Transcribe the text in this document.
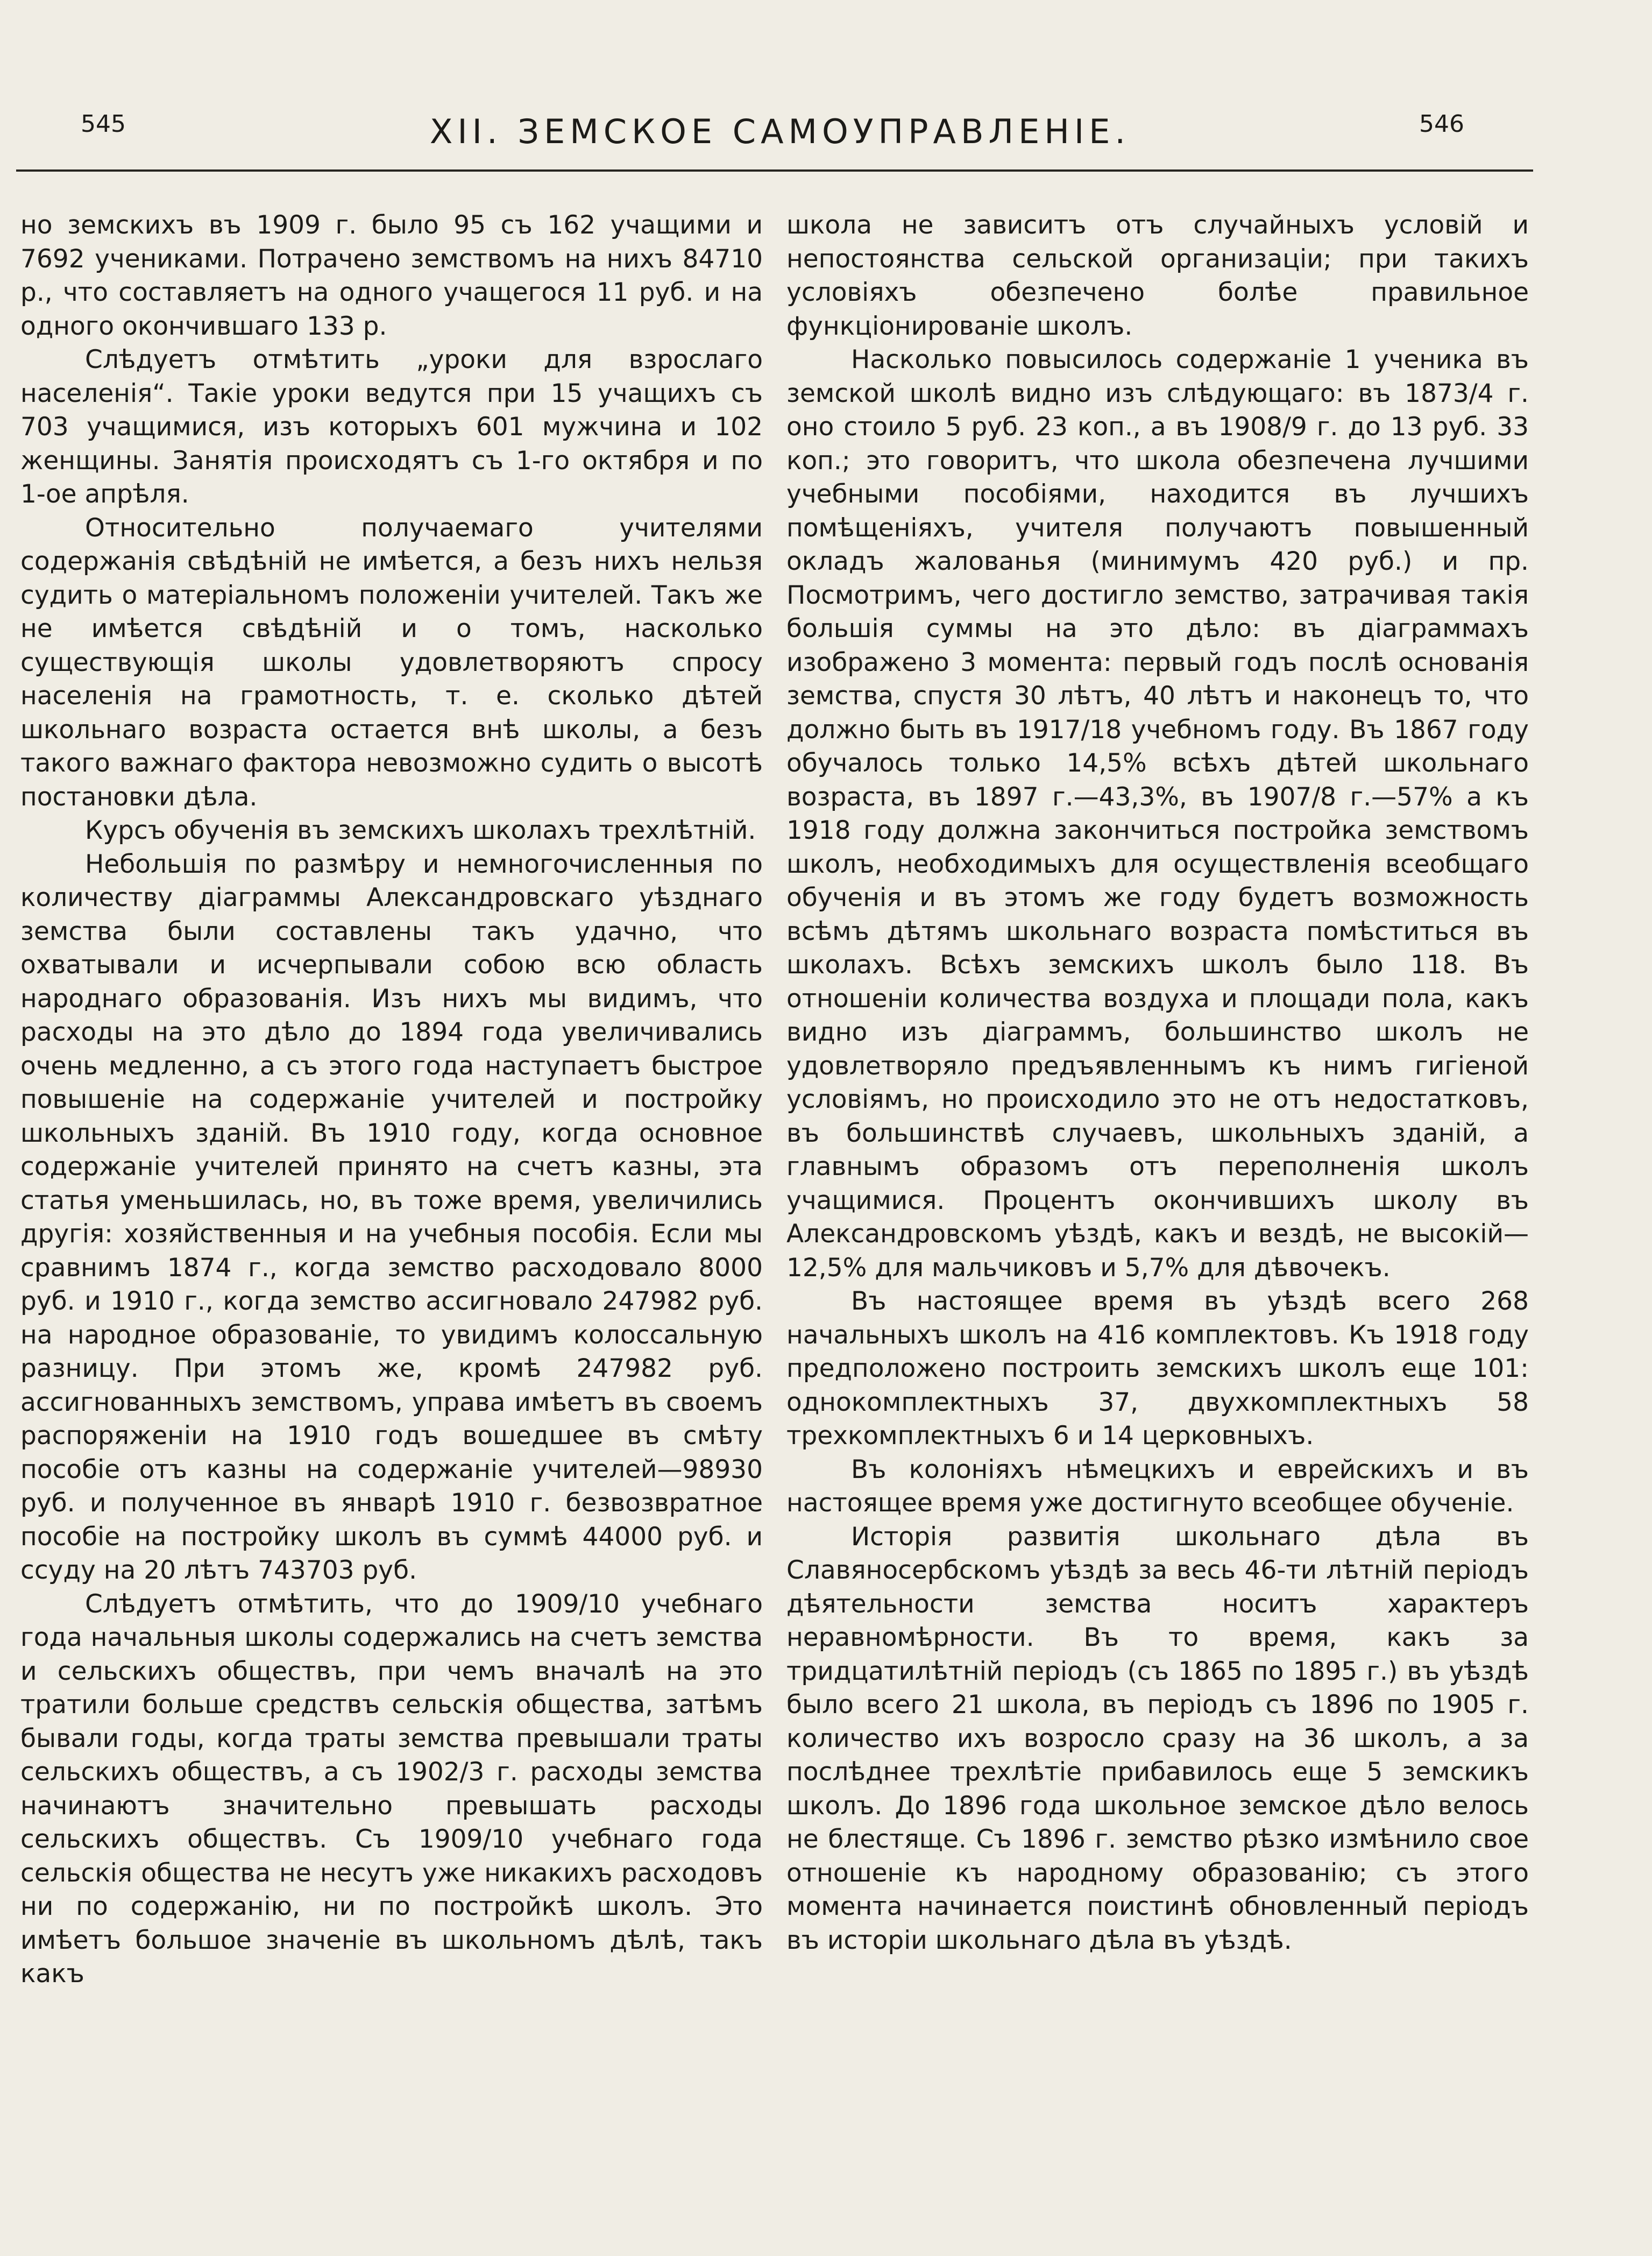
545	XII. ЗЕМСКОЕ САМОУПРАВЛЕНІЕ.	546

но земскихъ въ 1909 г. было 95 съ 162 учащими и 7692 учениками. Потрачено земствомъ на нихъ 84710 р., что составляетъ на одного учащегося 11 руб. и на одного окончившаго 133 р.

Слѣдуетъ отмѣтить „уроки для взрослаго населенія“. Такіе уроки ведутся при 15 учащихъ съ 703 учащимися, изъ которыхъ 601 мужчина и 102 женщины. Занятія происходятъ съ 1-го октября и по 1-ое апрѣля.

Относительно получаемаго учителями содержанія свѣдѣній не имѣется, а безъ нихъ нельзя судить о матеріальномъ положеніи учителей. Такъ же не имѣется свѣдѣній и о томъ, насколько существующія школы удовлетворяютъ спросу населенія на грамотность, т. е. сколько дѣтей школьнаго возраста остается внѣ школы, а безъ такого важнаго фактора невозможно судить о высотѣ постановки дѣла.

Курсъ обученія въ земскихъ школахъ трехлѣтній.

Небольшія по размѣру и немногочисленныя по количеству діаграммы Александровскаго уѣзднаго земства были составлены такъ удачно, что охватывали и исчерпывали собою всю область народнаго образованія. Изъ нихъ мы видимъ, что расходы на это дѣло до 1894 года увеличивались очень медленно, а съ этого года наступаетъ быстрое повышеніе на содержаніе учителей и постройку школьныхъ зданій. Въ 1910 году, когда основное содержаніе учителей принято на счетъ казны, эта статья уменьшилась, но, въ тоже время, увеличились другія: хозяйственныя и на учебныя пособія. Если мы сравнимъ 1874 г., когда земство расходовало 8000 руб. и 1910 г., когда земство ассигновало 247982 руб. на народное образованіе, то увидимъ колоссальную разницу. При этомъ же, кромѣ 247982 руб. ассигнованныхъ земствомъ, управа имѣетъ въ своемъ распоряженіи на 1910 годъ вошедшее въ смѣту пособіе отъ казны на содержаніе учителей—98930 руб. и полученное въ январѣ 1910 г. безвозвратное пособіе на постройку школъ въ суммѣ 44000 руб. и ссуду на 20 лѣтъ 743703 руб.

Слѣдуетъ отмѣтить, что до 1909/10 учебнаго года начальныя школы содержались на счетъ земства и сельскихъ обществъ, при чемъ вначалѣ на это тратили больше средствъ сельскія общества, затѣмъ бывали годы, когда траты земства превышали траты сельскихъ обществъ, а съ 1902/3 г. расходы земства начинаютъ значительно превышать расходы сельскихъ обществъ. Съ 1909/10 учебнаго года сельскія общества не несутъ уже никакихъ расходовъ ни по содержанію, ни по постройкѣ школъ. Это имѣетъ большое значеніе въ школьномъ дѣлѣ, такъ какъ

школа не зависитъ отъ случайныхъ условій и непостоянства сельской организаціи; при такихъ условіяхъ обезпечено болѣе правильное функціонированіе школъ.

Насколько повысилось содержаніе 1 ученика въ земской школѣ видно изъ слѣдующаго: въ 1873/4 г. оно стоило 5 руб. 23 коп., а въ 1908/9 г. до 13 руб. 33 коп.; это говоритъ, что школа обезпечена лучшими учебными пособіями, находится въ лучшихъ помѣщеніяхъ, учителя получаютъ повышенный окладъ жалованья (минимумъ 420 руб.) и пр. Посмотримъ, чего достигло земство, затрачивая такія большія суммы на это дѣло: въ діаграммахъ изображено 3 момента: первый годъ послѣ основанія земства, спустя 30 лѣтъ, 40 лѣтъ и наконецъ то, что должно быть въ 1917/18 учебномъ году. Въ 1867 году обучалось только 14,5% всѣхъ дѣтей школьнаго возраста, въ 1897 г.—43,3%, въ 1907/8 г.—57% а къ 1918 году должна закончиться постройка земствомъ школъ, необходимыхъ для осуществленія всеобщаго обученія и въ этомъ же году будетъ возможность всѣмъ дѣтямъ школьнаго возраста помѣститься въ школахъ. Всѣхъ земскихъ школъ было 118. Въ отношеніи количества воздуха и площади пола, какъ видно изъ діаграммъ, большинство школъ не удовлетворяло предъявленнымъ къ нимъ гигіеной условіямъ, но происходило это не отъ недостатковъ, въ большинствѣ случаевъ, школьныхъ зданій, а главнымъ образомъ отъ переполненія школъ учащимися. Процентъ окончившихъ школу въ Александровскомъ уѣздѣ, какъ и вездѣ, не высокій—12,5% для мальчиковъ и 5,7% для дѣвочекъ.

Въ настоящее время въ уѣздѣ всего 268 начальныхъ школъ на 416 комплектовъ. Къ 1918 году предположено построить земскихъ школъ еще 101: однокомплектныхъ 37, двухкомплектныхъ 58 трехкомплектныхъ 6 и 14 церковныхъ.

Въ колоніяхъ нѣмецкихъ и еврейскихъ и въ настоящее время уже достигнуто всеобщее обученіе.

Исторія развитія школьнаго дѣла въ Славяносербскомъ уѣздѣ за весь 46-ти лѣтній періодъ дѣятельности земства носитъ характеръ неравномѣрности. Въ то время, какъ за тридцатилѣтній періодъ (съ 1865 по 1895 г.) въ уѣздѣ было всего 21 школа, въ періодъ съ 1896 по 1905 г. количество ихъ возросло сразу на 36 школъ, а за послѣднее трехлѣтіе прибавилось еще 5 земскикъ школъ. До 1896 года школьное земское дѣло велось не блестяще. Съ 1896 г. земство рѣзко измѣнило свое отношеніе къ народному образованію; съ этого момента начинается поистинѣ обновленный періодъ въ исторіи школьнаго дѣла въ уѣздѣ.
